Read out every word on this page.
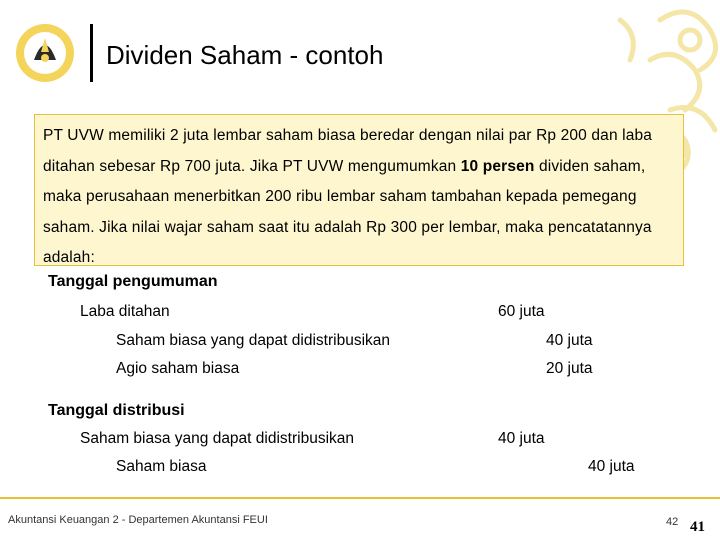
Dividen Saham - contoh

PT UVW memiliki 2 juta lembar saham biasa beredar dengan nilai par Rp 200 dan laba ditahan sebesar Rp 700 juta. Jika PT UVW mengumumkan 10 persen dividen saham, maka perusahaan menerbitkan 200 ribu lembar saham tambahan kepada pemegang saham. Jika nilai wajar saham saat itu adalah Rp 300 per lembar, maka pencatatannya adalah:

Tanggal pengumuman
Laba ditahan	60 juta
Saham biasa yang dapat didistribusikan	40 juta
Agio saham biasa	20 juta
Tanggal distribusi
Saham biasa yang dapat didistribusikan	40 juta
Saham biasa	40 juta
Akuntansi Keuangan 2 - Departemen Akuntansi FEUI	42 41
